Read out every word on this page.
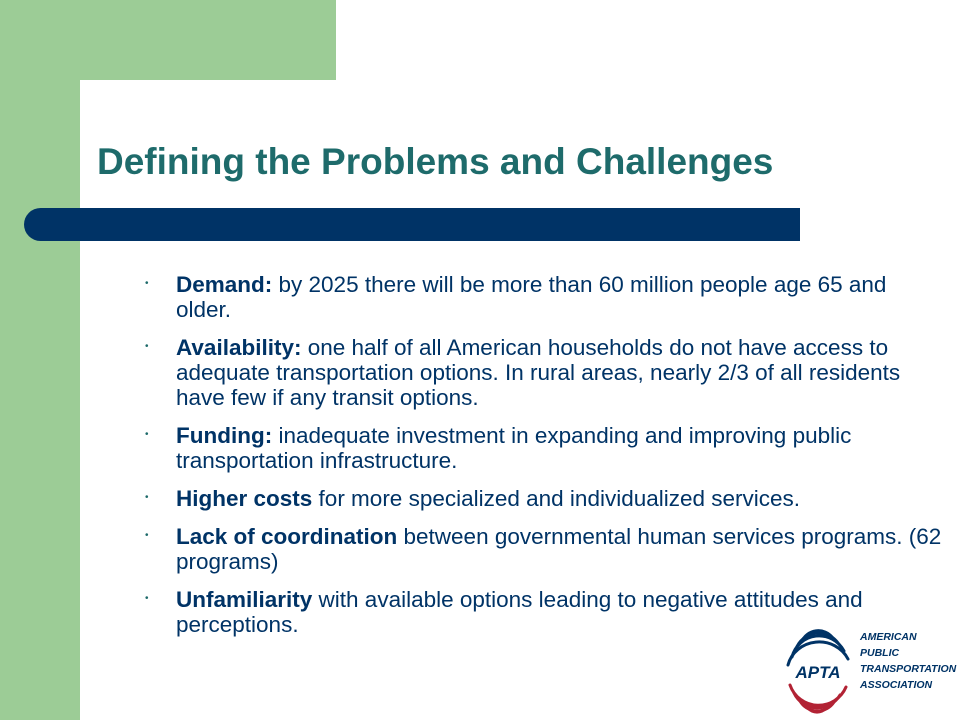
Defining the Problems and Challenges
• Demand: by 2025 there will be more than 60 million people age 65 and older.
• Availability: one half of all American households do not have access to adequate transportation options. In rural areas, nearly 2/3 of all residents have few if any transit options.
• Funding: inadequate investment in expanding and improving public transportation infrastructure.
• Higher costs for more specialized and individualized services.
• Lack of coordination between governmental human services programs. (62 programs)
• Unfamiliarity with available options leading to negative attitudes and perceptions.
APTA
AMERICAN
PUBLIC
TRANSPORTATION
ASSOCIATION
